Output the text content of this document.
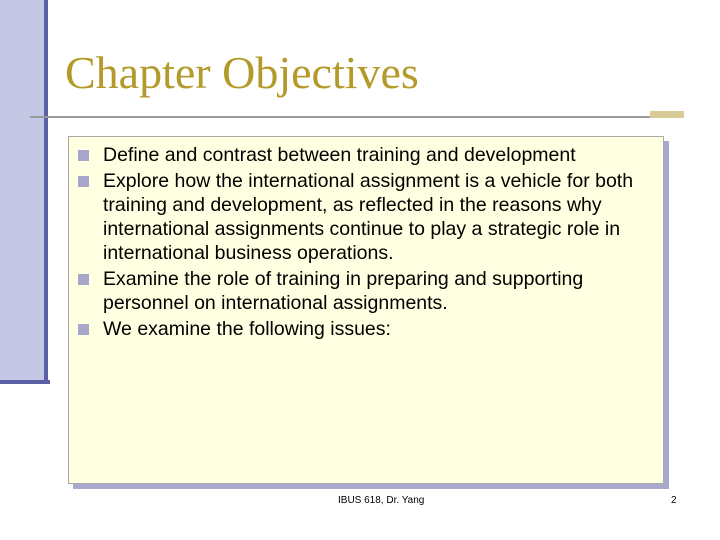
Chapter Objectives
Define and contrast between training and development
Explore how the international assignment is a vehicle for both training and development, as reflected in the reasons why international assignments continue to play a strategic role in international business operations.
Examine the role of training in preparing and supporting personnel on international assignments.
We examine the following issues:
IBUS 618, Dr. Yang	2
